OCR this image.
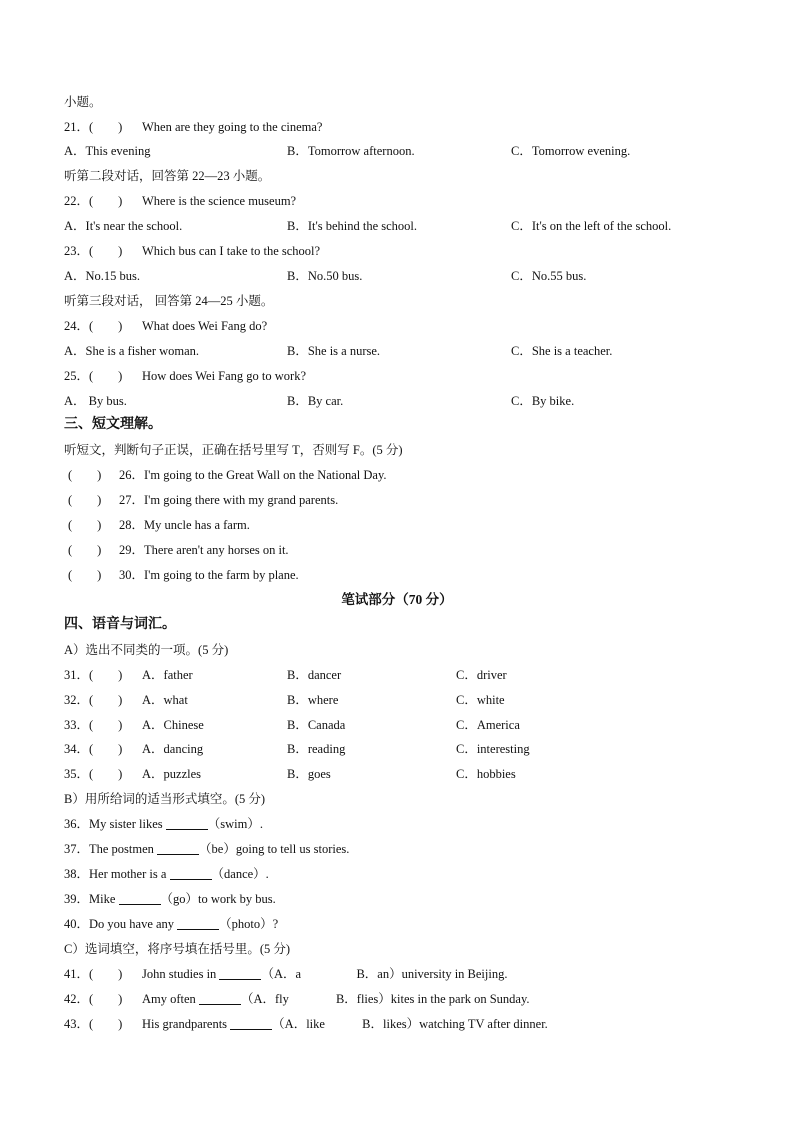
小题。
21．(　　) When are they going to the cinema?
A．This evening	B．Tomorrow afternoon.	C．Tomorrow evening.
听第二段对话，回答第 22—23 小题。
22．(　　) Where is the science museum?
A．It's near the school.	B．It's behind the school.	C．It's on the left of the school.
23．(　　) Which bus can I take to the school?
A．No.15 bus.	B．No.50 bus.	C．No.55 bus.
听第三段对话， 回答第 24—25 小题。
24．(　　) What does Wei Fang do?
A．She is a fisher woman.	B．She is a nurse.	C．She is a teacher.
25．(　　) How does Wei Fang go to work?
A． By bus.	B．By car.	C．By bike.
三、短文理解。
听短文，判断句子正误，正确在括号里写 T，否则写 F。(5 分)
(　　) 26．I'm going to the Great Wall on the National Day.
(　　) 27．I'm going there with my grand parents.
(　　) 28．My uncle has a farm.
(　　) 29．There aren't any horses on it.
(　　) 30．I'm going to the farm by plane.
笔试部分（70 分）
四、语音与词汇。
A）选出不同类的一项。(5 分)
31．(　　) A．father	B．dancer	C．driver
32．(　　) A．what	B．where	C．white
33．(　　) A．Chinese	B．Canada	C．America
34．(　　) A．dancing	B．reading	C．interesting
35．(　　) A．puzzles	B．goes	C．hobbies
B）用所给词的适当形式填空。(5 分)
36．My sister likes	（swim）.
37．The postmen	（be）going to tell us stories.
38．Her mother is a	（dance）.
39．Mike	（go）to work by bus.
40．Do you have any	（photo）?
C）选词填空，将序号填在括号里。(5 分)
41．(　　) John studies in	（A．a	B．an）university in Beijing.
42．(　　) Amy often	（A．fly	B．flies）kites in the park on Sunday.
43．(　　) His grandparents	（A．like	B．likes）watching TV after dinner.
